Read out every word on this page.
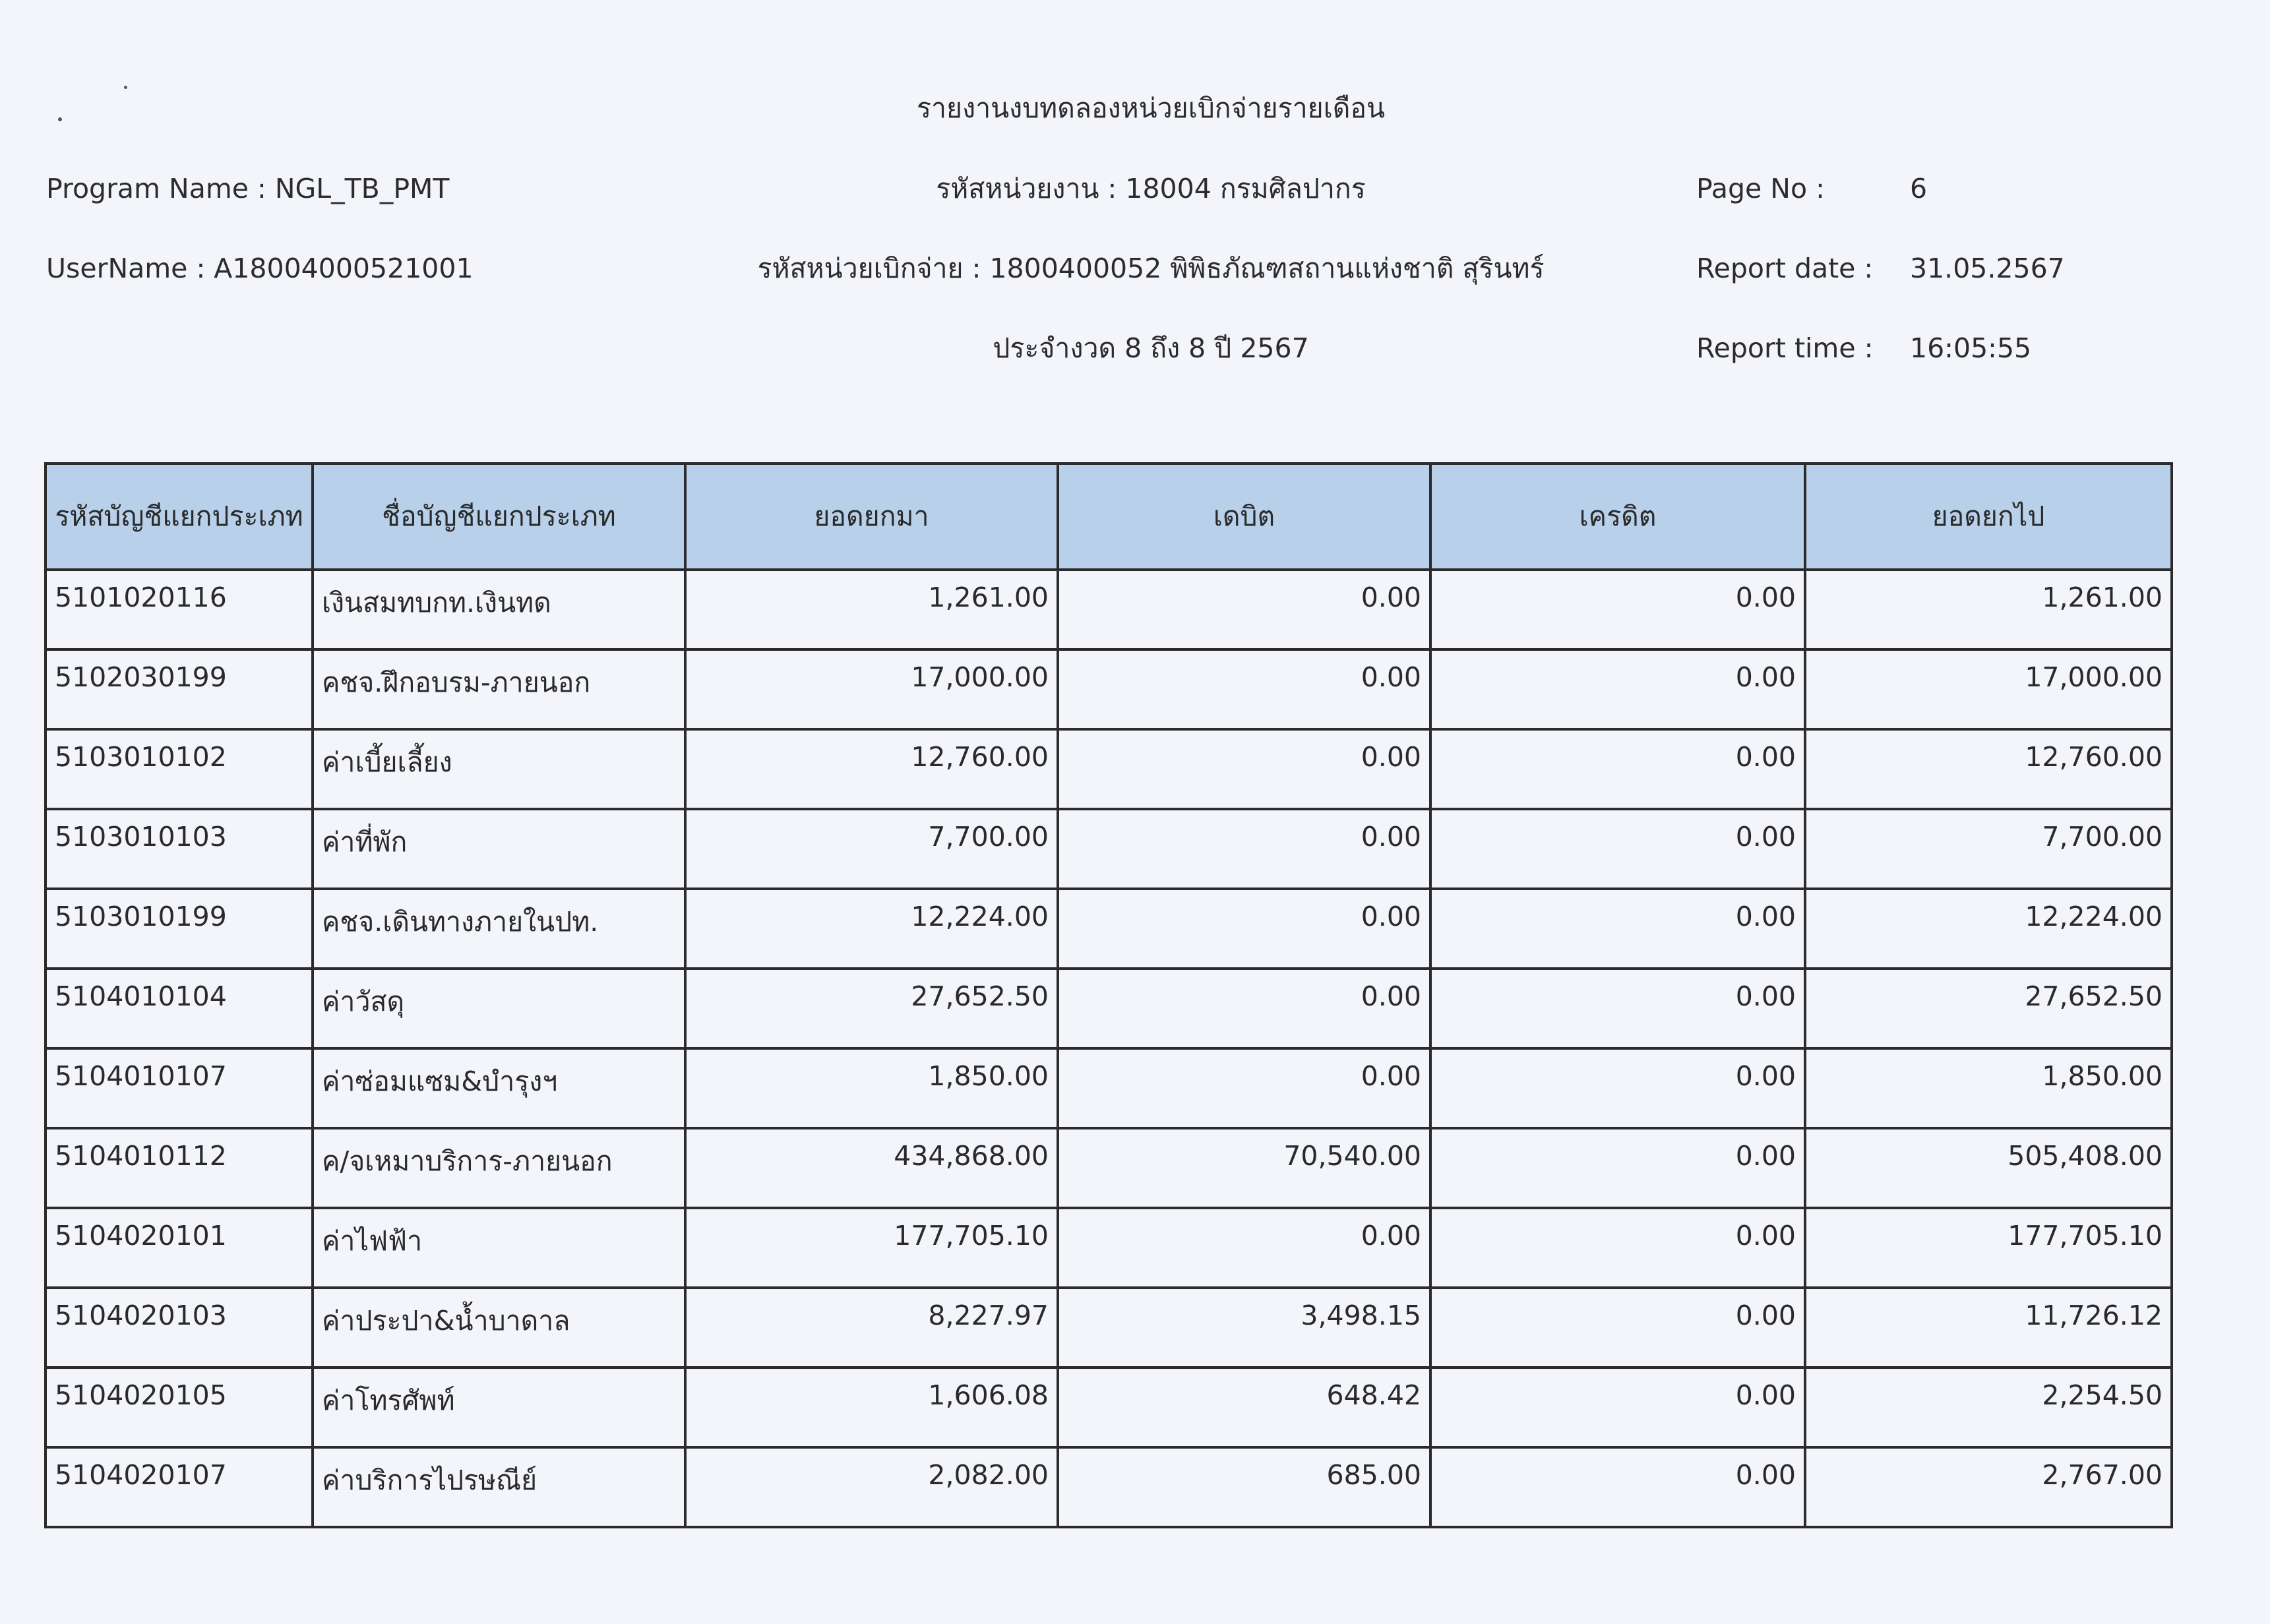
รายงานงบทดลองหน่วยเบิกจ่ายรายเดือน
Program Name : NGL_TB_PMT	รหัสหน่วยงาน : 18004 กรมศิลปากร	Page No :	6
UserName : A18004000521001	รหัสหน่วยเบิกจ่าย : 1800400052 พิพิธภัณฑสถานแห่งชาติ สุรินทร์	Report date : 31.05.2567
ประจำงวด 8 ถึง 8 ปี 2567	Report time : 16:05:55
รหัสบัญชีแยกประเภท	ชื่อบัญชีแยกประเภท	ยอดยกมา	เดบิต	เครดิต	ยอดยกไป
5101020116	เงินสมทบกท.เงินทด	1,261.00	0.00	0.00	1,261.00
5102030199	คชจ.ฝึกอบรม-ภายนอก	17,000.00	0.00	0.00	17,000.00
5103010102	ค่าเบี้ยเลี้ยง	12,760.00	0.00	0.00	12,760.00
5103010103	ค่าที่พัก	7,700.00	0.00	0.00	7,700.00
5103010199	คชจ.เดินทางภายในปท.	12,224.00	0.00	0.00	12,224.00
5104010104	ค่าวัสดุ	27,652.50	0.00	0.00	27,652.50
5104010107	ค่าซ่อมแซม&บำรุงฯ	1,850.00	0.00	0.00	1,850.00
5104010112	ค/จเหมาบริการ-ภายนอก	434,868.00	70,540.00	0.00	505,408.00
5104020101	ค่าไฟฟ้า	177,705.10	0.00	0.00	177,705.10
5104020103	ค่าประปา&น้ำบาดาล	8,227.97	3,498.15	0.00	11,726.12
5104020105	ค่าโทรศัพท์	1,606.08	648.42	0.00	2,254.50
5104020107	ค่าบริการไปรษณีย์	2,082.00	685.00	0.00	2,767.00
